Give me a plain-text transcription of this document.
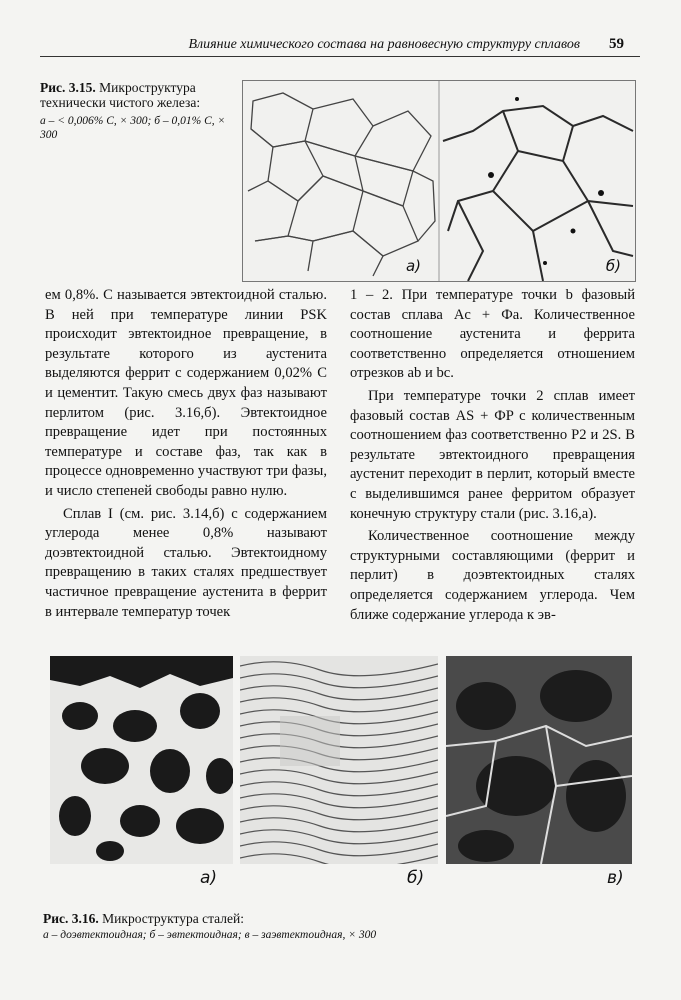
Влияние химического состава на равновесную структуру сплавов 59
Рис. 3.15. Микроструктура технически чистого железа:
а – < 0,006% С, × 300; б – 0,01% С, × 300
а)	б)

ем 0,8%. С называется эвтектоидной сталью. В ней при температуре линии PSK происходит эвтектоидное превращение, в результате которого из аустенита выделяются феррит с содержанием 0,02% С и цементит. Такую смесь двух фаз называют перлитом (рис. 3.16,б). Эвтектоидное превращение идет при постоянных температуре и составе фаз, так как в процессе одновременно участвуют три фазы, и число степеней свободы равно нулю.

Сплав I (см. рис. 3.14,б) с содержанием углерода менее 0,8% называют доэвтектоидной сталью. Эвтектоидному превращению в таких сталях предшествует частичное превращение аустенита в феррит в интервале температур точек

1 – 2. При температуре точки b фазовый состав сплава Ac + Фa. Количественное соотношение аустенита и феррита соответственно определяется отношением отрезков ab и bc.

При температуре точки 2 сплав имеет фазовый состав AS + ФP с количественным соотношением фаз соответственно P2 и 2S. В результате эвтектоидного превращения аустенит переходит в перлит, который вместе с выделившимся ранее ферритом образует конечную структуру стали (рис. 3.16,а).

Количественное соотношение между структурными составляющими (феррит и перлит) в доэвтектоидных сталях определяется содержанием углерода. Чем ближе содержание углерода к эв-

а)	б)	в)
Рис. 3.16. Микроструктура сталей:
а – доэвтектоидная; б – эвтектоидная; в – заэвтектоидная, × 300
